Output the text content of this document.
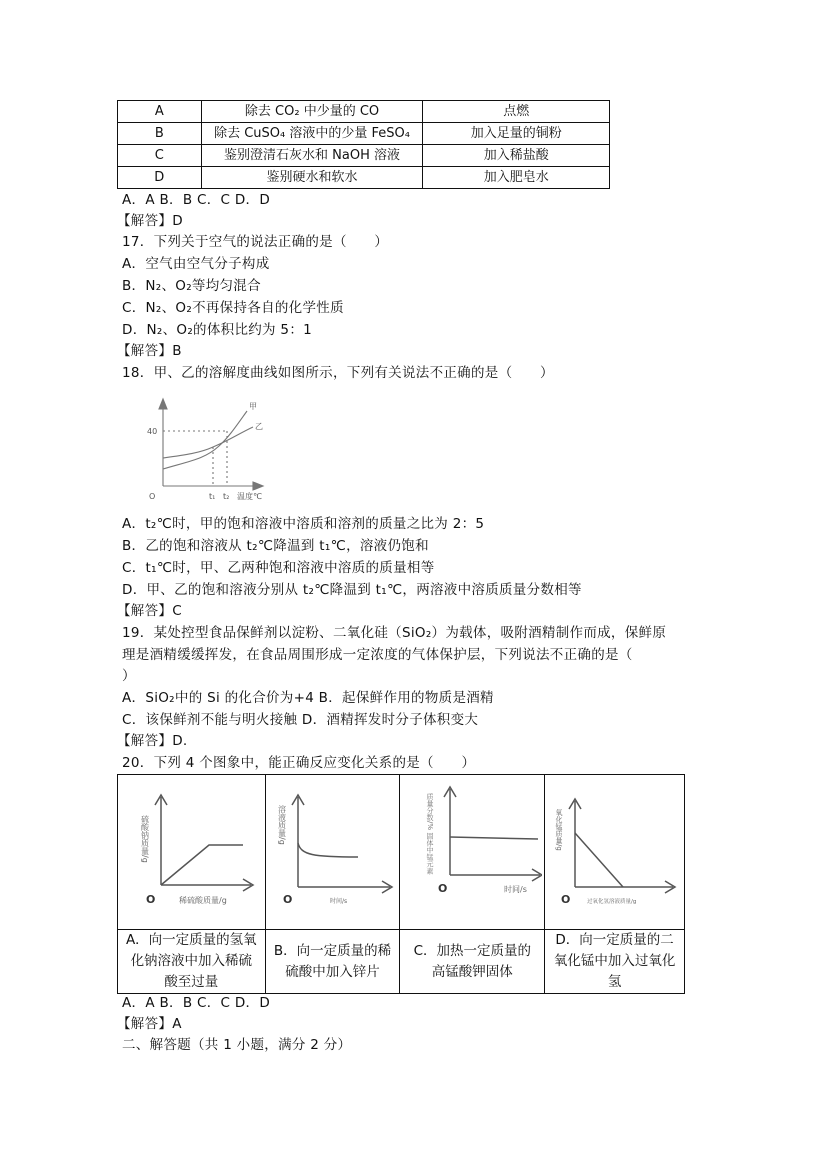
A	除去 CO₂ 中少量的 CO	点燃
B	除去 CuSO₄ 溶液中的少量 FeSO₄	加入足量的铜粉
C	鉴别澄清石灰水和 NaOH 溶液	加入稀盐酸
D	鉴别硬水和软水	加入肥皂水
A．A B．B C．C D．D
【解答】D
17．下列关于空气的说法正确的是（　　）
A．空气由空气分子构成
B．N₂、O₂等均匀混合
C．N₂、O₂不再保持各自的化学性质
D．N₂、O₂的体积比约为 5：1
【解答】B
18．甲、乙的溶解度曲线如图所示，下列有关说法不正确的是（　　）
40
O	t₁ t₂ 温度℃
甲
乙
A．t₂℃时，甲的饱和溶液中溶质和溶剂的质量之比为 2：5
B．乙的饱和溶液从 t₂℃降温到 t₁℃，溶液仍饱和
C．t₁℃时，甲、乙两种饱和溶液中溶质的质量相等
D．甲、乙的饱和溶液分别从 t₂℃降温到 t₁℃，两溶液中溶质质量分数相等
【解答】C
19．某处控型食品保鲜剂以淀粉、二氧化硅（SiO₂）为载体，吸附酒精制作而成，保鲜原
理是酒精缓缓挥发，在食品周围形成一定浓度的气体保护层，下列说法不正确的是（
）
A．SiO₂中的 Si 的化合价为+4 B．起保鲜作用的物质是酒精
C．该保鲜剂不能与明火接触 D．酒精挥发时分子体积变大
【解答】D.
20．下列 4 个图象中，能正确反应变化关系的是（　　）
硫酸钠质量/g
O 稀硫酸质量/g	溶液质量/g
O 时间/s	质量分数/% 固体中锰元素
O 时间/s	氧化锰质量/g
O 过氧化氢溶液质量/g

A．向一定质量的氢氧化钠溶液中加入稀硫酸至过量	B．向一定质量的稀硫酸中加入锌片	C．加热一定质量的高锰酸钾固体	D．向一定质量的二氧化锰中加入过氧化氢
A．A B．B C．C D．D
【解答】A
二、解答题（共 1 小题，满分 2 分）
